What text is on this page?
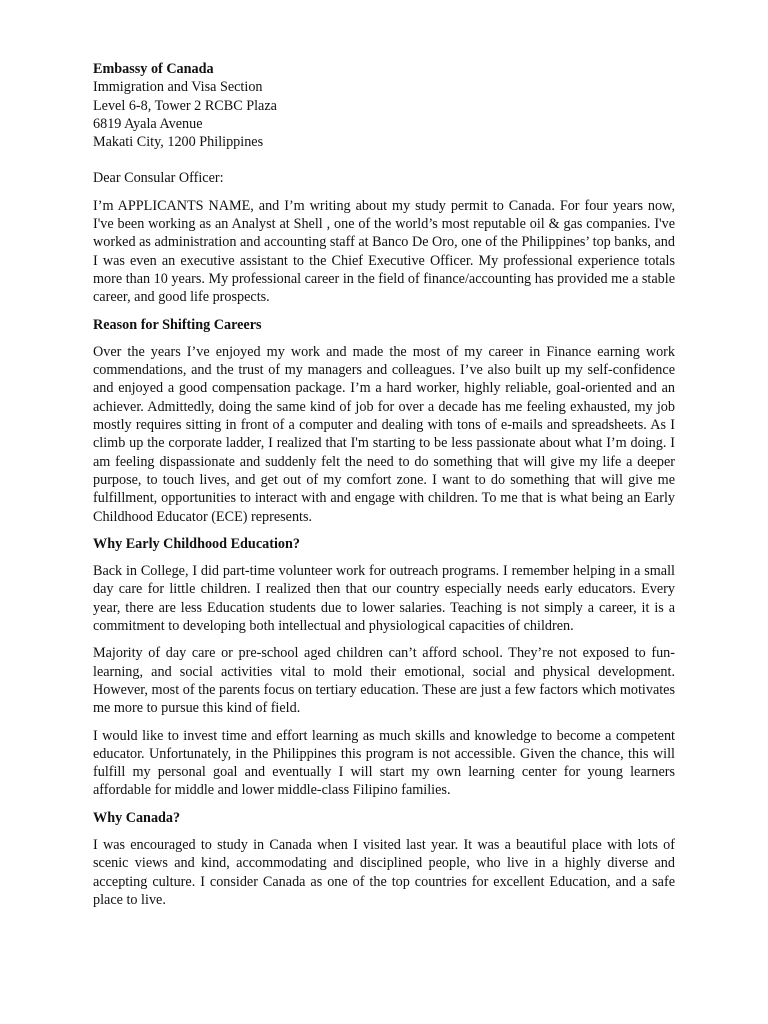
Embassy of Canada
Immigration and Visa Section
Level 6-8, Tower 2 RCBC Plaza
6819 Ayala Avenue
Makati City, 1200 Philippines
Dear Consular Officer:

I’m APPLICANTS NAME, and I’m writing about my study permit to Canada. For four years now, I've been working as an Analyst at Shell , one of the world’s most reputable oil & gas companies. I've worked as administration and accounting staff at Banco De Oro, one of the Philippines’ top banks, and I was even an executive assistant to the Chief Executive Officer. My professional experience totals more than 10 years. My professional career in the field of finance/accounting has provided me a stable career, and good life prospects.

Reason for Shifting Careers

Over the years I’ve enjoyed my work and made the most of my career in Finance earning work commendations, and the trust of my managers and colleagues. I’ve also built up my self-confidence and enjoyed a good compensation package. I’m a hard worker, highly reliable, goal-oriented and an achiever. Admittedly, doing the same kind of job for over a decade has me feeling exhausted, my job mostly requires sitting in front of a computer and dealing with tons of e-mails and spreadsheets. As I climb up the corporate ladder, I realized that I'm starting to be less passionate about what I’m doing. I am feeling dispassionate and suddenly felt the need to do something that will give my life a deeper purpose, to touch lives, and get out of my comfort zone. I want to do something that will give me fulfillment, opportunities to interact with and engage with children. To me that is what being an Early Childhood Educator (ECE) represents.

Why Early Childhood Education?

Back in College, I did part-time volunteer work for outreach programs. I remember helping in a small day care for little children. I realized then that our country especially needs early educators. Every year, there are less Education students due to lower salaries. Teaching is not simply a career, it is a commitment to developing both intellectual and physiological capacities of children.

Majority of day care or pre-school aged children can’t afford school. They’re not exposed to fun-learning, and social activities vital to mold their emotional, social and physical development. However, most of the parents focus on tertiary education. These are just a few factors which motivates me more to pursue this kind of field.

I would like to invest time and effort learning as much skills and knowledge to become a competent educator. Unfortunately, in the Philippines this program is not accessible. Given the chance, this will fulfill my personal goal and eventually I will start my own learning center for young learners affordable for middle and lower middle-class Filipino families.

Why Canada?

I was encouraged to study in Canada when I visited last year. It was a beautiful place with lots of scenic views and kind, accommodating and disciplined people, who live in a highly diverse and accepting culture. I consider Canada as one of the top countries for excellent Education, and a safe place to live.
